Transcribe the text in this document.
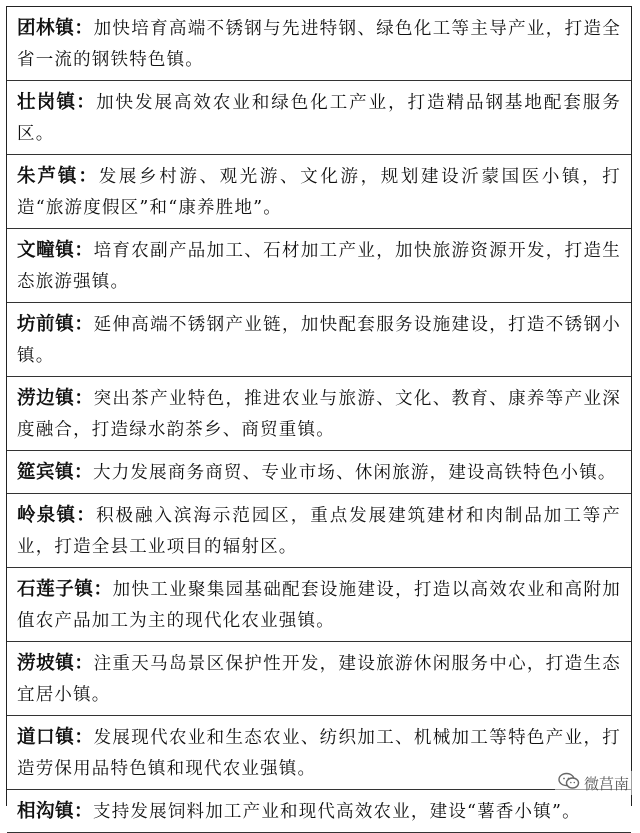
团林镇：加快培育高端不锈钢与先进特钢、绿色化工等主导产业，打造全省一流的钢铁特色镇。
壮岗镇：加快发展高效农业和绿色化工产业，打造精品钢基地配套服务区。
朱芦镇：发展乡村游、观光游、文化游，规划建设沂蒙国医小镇，打造“旅游度假区”和“康养胜地”。
文疃镇：培育农副产品加工、石材加工产业，加快旅游资源开发，打造生态旅游强镇。
坊前镇：延伸高端不锈钢产业链，加快配套服务设施建设，打造不锈钢小镇。
涝边镇：突出茶产业特色，推进农业与旅游、文化、教育、康养等产业深度融合，打造绿水韵茶乡、商贸重镇。
筵宾镇：大力发展商务商贸、专业市场、休闲旅游，建设高铁特色小镇。
岭泉镇：积极融入滨海示范园区，重点发展建筑建材和肉制品加工等产业，打造全县工业项目的辐射区。
石莲子镇：加快工业聚集园基础配套设施建设，打造以高效农业和高附加值农产品加工为主的现代化农业强镇。
涝坡镇：注重天马岛景区保护性开发，建设旅游休闲服务中心，打造生态宜居小镇。
道口镇：发展现代农业和生态农业、纺织加工、机械加工等特色产业，打造劳保用品特色镇和现代农业强镇。
相沟镇：支持发展饲料加工产业和现代高效农业，建设“薯香小镇”。
微莒南
